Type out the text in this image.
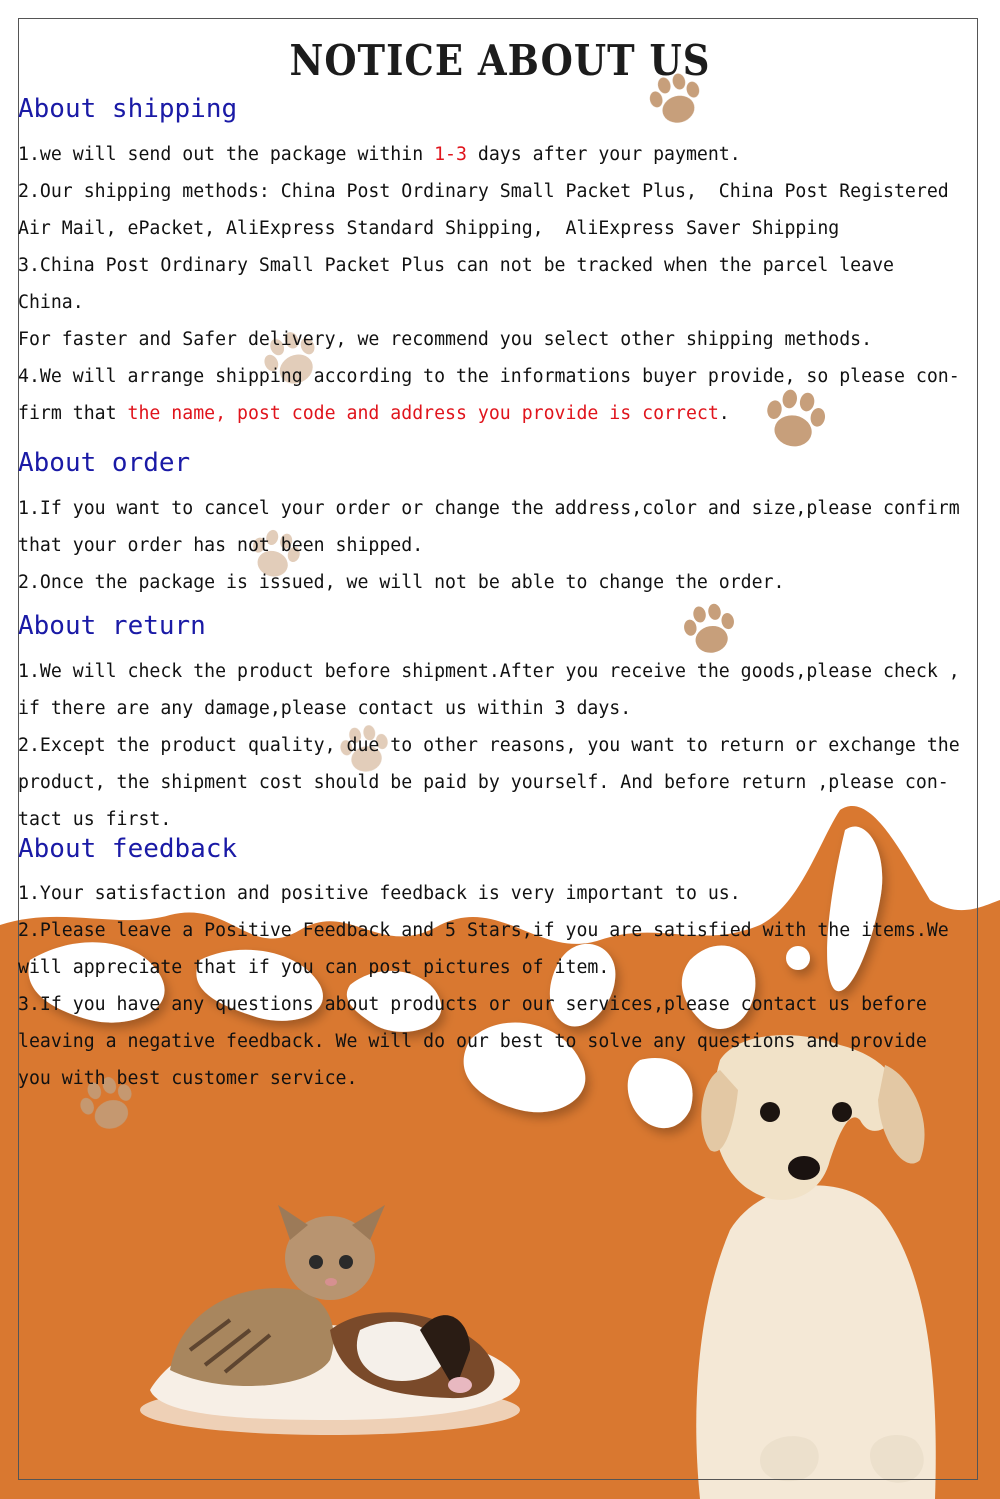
NOTICE ABOUT US
About shipping
1.we will send out the package within 1-3 days after your payment.
2.Our shipping methods: China Post Ordinary Small Packet Plus,  China Post Registered
Air Mail, ePacket, AliExpress Standard Shipping,  AliExpress Saver Shipping
3.China Post Ordinary Small Packet Plus can not be tracked when the parcel leave
China.
For faster and Safer delivery, we recommend you select other shipping methods.
4.We will arrange shipping according to the informations buyer provide, so please con-
firm that the name, post code and address you provide is correct.
About order
1.If you want to cancel your order or change the address,color and size,please confirm
that your order has not been shipped.
2.Once the package is issued, we will not be able to change the order.
About return
1.We will check the product before shipment.After you receive the goods,please check ,
if there are any damage,please contact us within 3 days.
2.Except the product quality, due to other reasons, you want to return or exchange the
product, the shipment cost should be paid by yourself. And before return ,please con-
tact us first.
About feedback
1.Your satisfaction and positive feedback is very important to us.
2.Please leave a Positive Feedback and 5 Stars,if you are satisfied with the items.We
will appreciate that if you can post pictures of item.
3.If you have any questions about products or our services,please contact us before
leaving a negative feedback. We will do our best to solve any questions and provide
you with best customer service.
